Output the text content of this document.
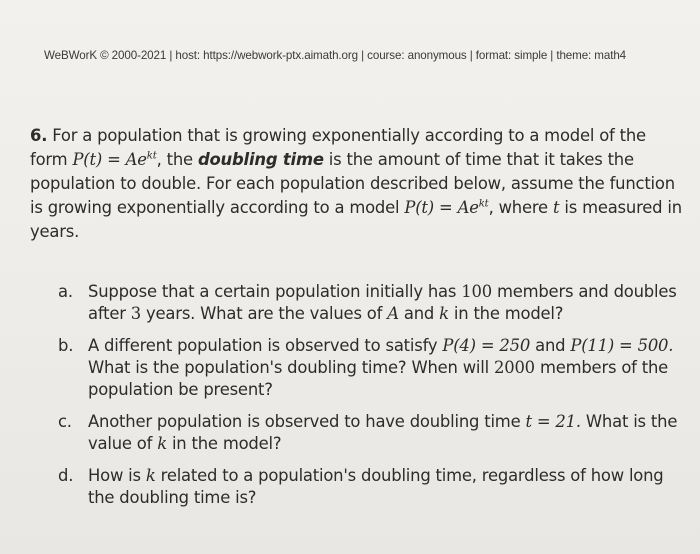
WeBWorK © 2000-2021 | host: https://webwork-ptx.aimath.org | course: anonymous | format: simple | theme: math4

6. For a population that is growing exponentially according to a model of the form $P(t) = Ae^{kt}$, the doubling time is the amount of time that it takes the population to double. For each population described below, assume the function is growing exponentially according to a model $P(t) = Ae^{kt}$, where t is measured in years.

a. Suppose that a certain population initially has 100 members and doubles after 3 years. What are the values of A and k in the model?
b. A different population is observed to satisfy P(4) = 250 and P(11) = 500. What is the population's doubling time? When will 2000 members of the population be present?
c. Another population is observed to have doubling time t = 21. What is the value of k in the model?
d. How is k related to a population's doubling time, regardless of how long the doubling time is?
